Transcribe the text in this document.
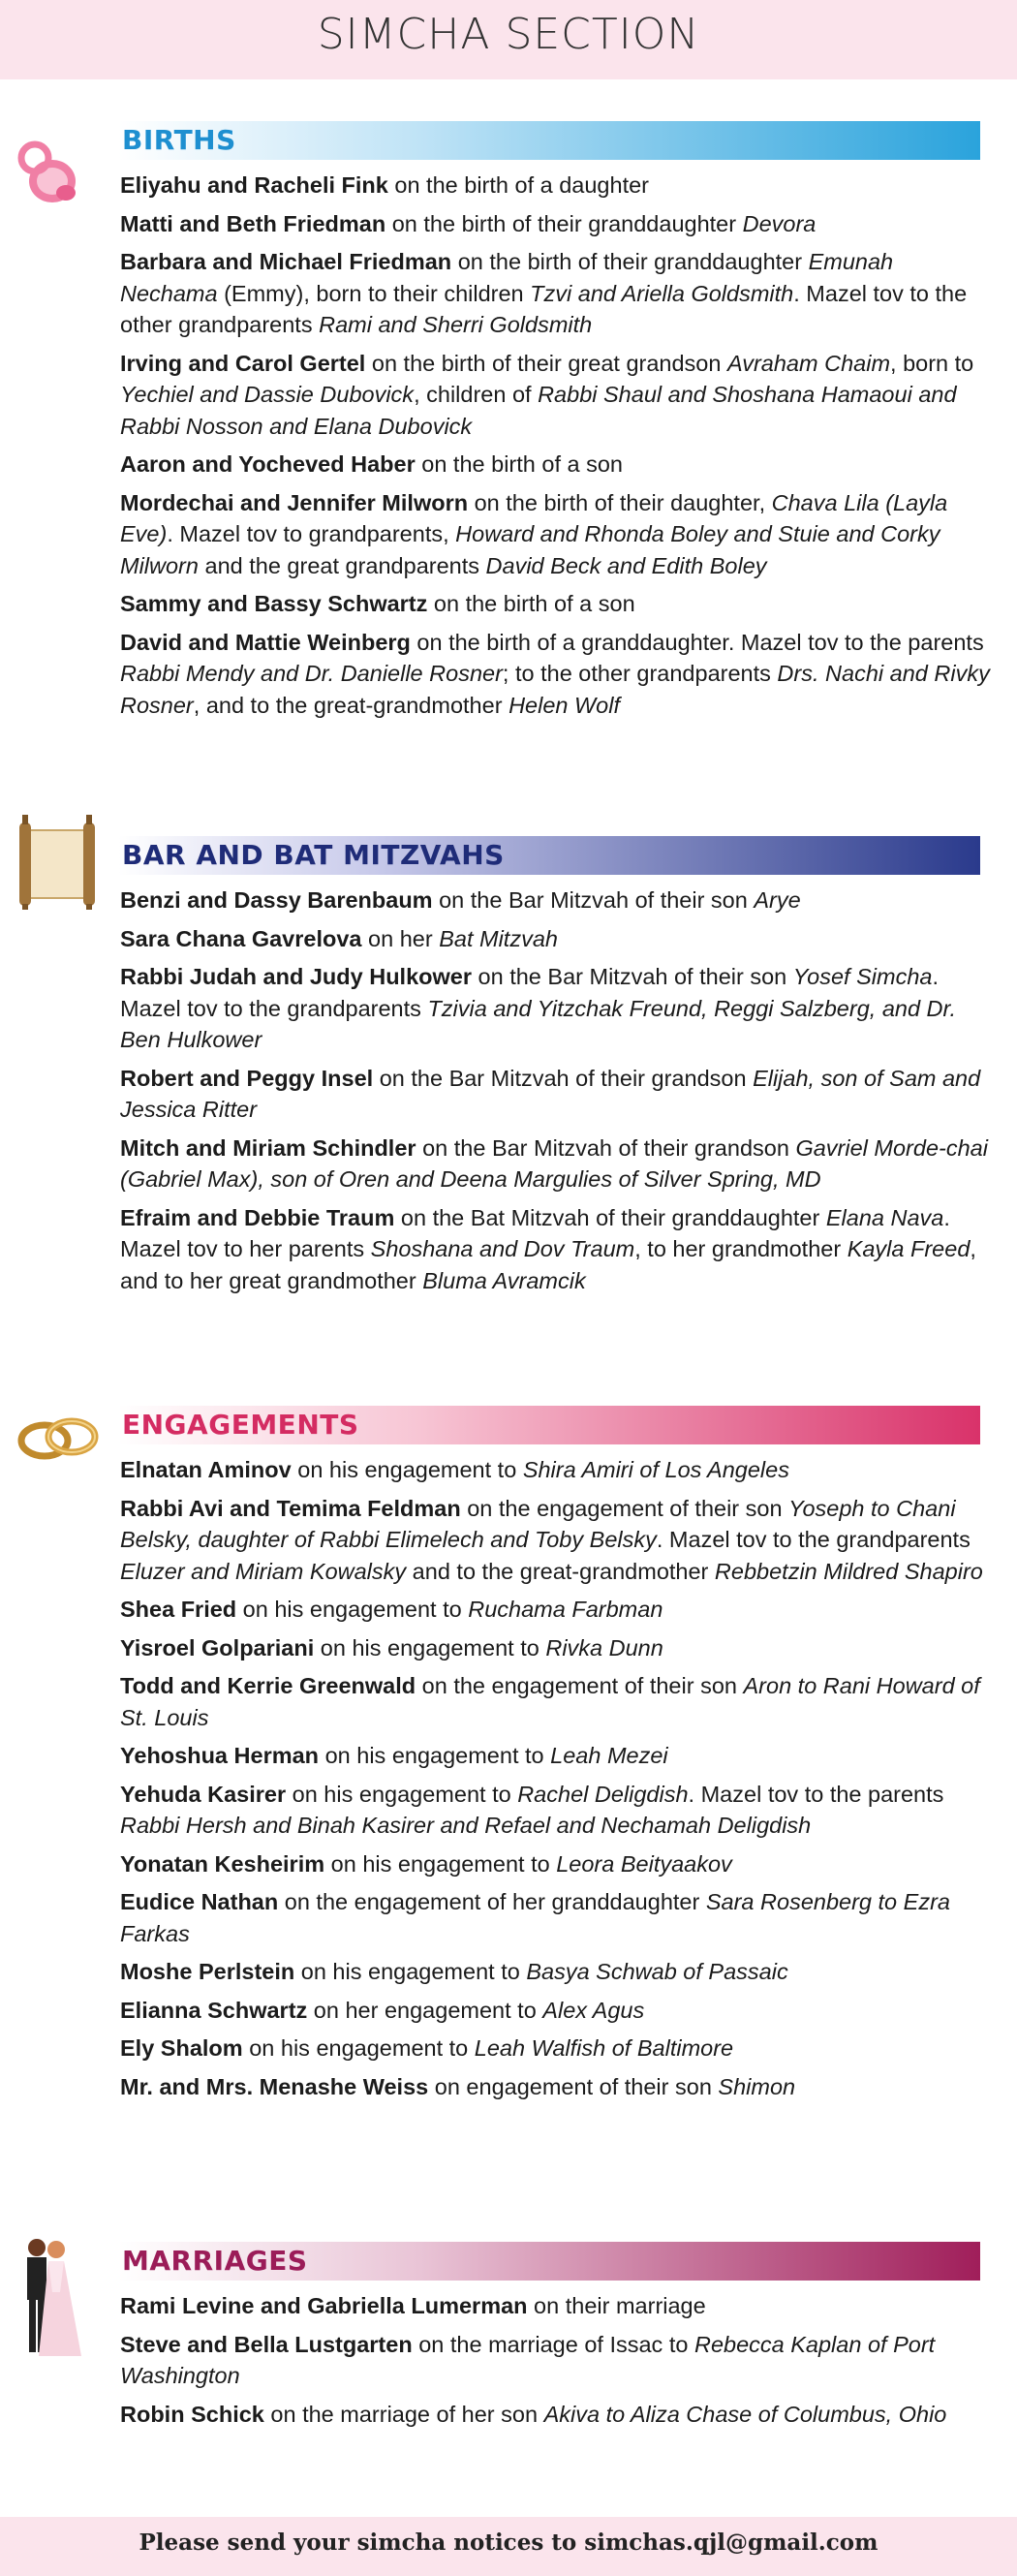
SIMCHA SECTION
BIRTHS
Eliyahu and Racheli Fink on the birth of a daughter
Matti and Beth Friedman on the birth of their granddaughter Devora
Barbara and Michael Friedman on the birth of their granddaughter Emunah Nechama (Emmy), born to their children Tzvi and Ariella Goldsmith. Mazel tov to the other grandparents Rami and Sherri Goldsmith
Irving and Carol Gertel on the birth of their great grandson Avraham Chaim, born to Yechiel and Dassie Dubovick, children of Rabbi Shaul and Shoshana Hamaoui and Rabbi Nosson and Elana Dubovick
Aaron and Yocheved Haber on the birth of a son
Mordechai and Jennifer Milworn on the birth of their daughter, Chava Lila (Layla Eve). Mazel tov to grandparents, Howard and Rhonda Boley and Stuie and Corky Milworn and the great grandparents David Beck and Edith Boley
Sammy and Bassy Schwartz on the birth of a son
David and Mattie Weinberg on the birth of a granddaughter. Mazel tov to the parents Rabbi Mendy and Dr. Danielle Rosner; to the other grandparents Drs. Nachi and Rivky Rosner, and to the great-grandmother Helen Wolf
BAR AND BAT MITZVAHS
Benzi and Dassy Barenbaum on the Bar Mitzvah of their son Arye
Sara Chana Gavrelova on her Bat Mitzvah
Rabbi Judah and Judy Hulkower on the Bar Mitzvah of their son Yosef Simcha. Mazel tov to the grandparents Tzivia and Yitzchak Freund, Reggi Salzberg, and Dr. Ben Hulkower
Robert and Peggy Insel on the Bar Mitzvah of their grandson Elijah, son of Sam and Jessica Ritter
Mitch and Miriam Schindler on the Bar Mitzvah of their grandson Gavriel Morde-chai (Gabriel Max), son of Oren and Deena Margulies of Silver Spring, MD
Efraim and Debbie Traum on the Bat Mitzvah of their granddaughter Elana Nava. Mazel tov to her parents Shoshana and Dov Traum, to her grandmother Kayla Freed, and to her great grandmother Bluma Avramcik
ENGAGEMENTS
Elnatan Aminov on his engagement to Shira Amiri of Los Angeles
Rabbi Avi and Temima Feldman on the engagement of their son Yoseph to Chani Belsky, daughter of Rabbi Elimelech and Toby Belsky. Mazel tov to the grandparents Eluzer and Miriam Kowalsky and to the great-grandmother Rebbetzin Mildred Shapiro
Shea Fried on his engagement to Ruchama Farbman
Yisroel Golpariani on his engagement to Rivka Dunn
Todd and Kerrie Greenwald on the engagement of their son Aron to Rani Howard of St. Louis
Yehoshua Herman on his engagement to Leah Mezei
Yehuda Kasirer on his engagement to Rachel Deligdish. Mazel tov to the parents Rabbi Hersh and Binah Kasirer and Refael and Nechamah Deligdish
Yonatan Kesheirim on his engagement to Leora Beityaakov
Eudice Nathan on the engagement of her granddaughter Sara Rosenberg to Ezra Farkas
Moshe Perlstein on his engagement to Basya Schwab of Passaic
Elianna Schwartz on her engagement to Alex Agus
Ely Shalom on his engagement to Leah Walfish of Baltimore
Mr. and Mrs. Menashe Weiss on engagement of their son Shimon
MARRIAGES
Rami Levine and Gabriella Lumerman on their marriage
Steve and Bella Lustgarten on the marriage of Issac to Rebecca Kaplan of Port Washington
Robin Schick on the marriage of her son Akiva to Aliza Chase of Columbus, Ohio
Please send your simcha notices to simchas.qjl@gmail.com
